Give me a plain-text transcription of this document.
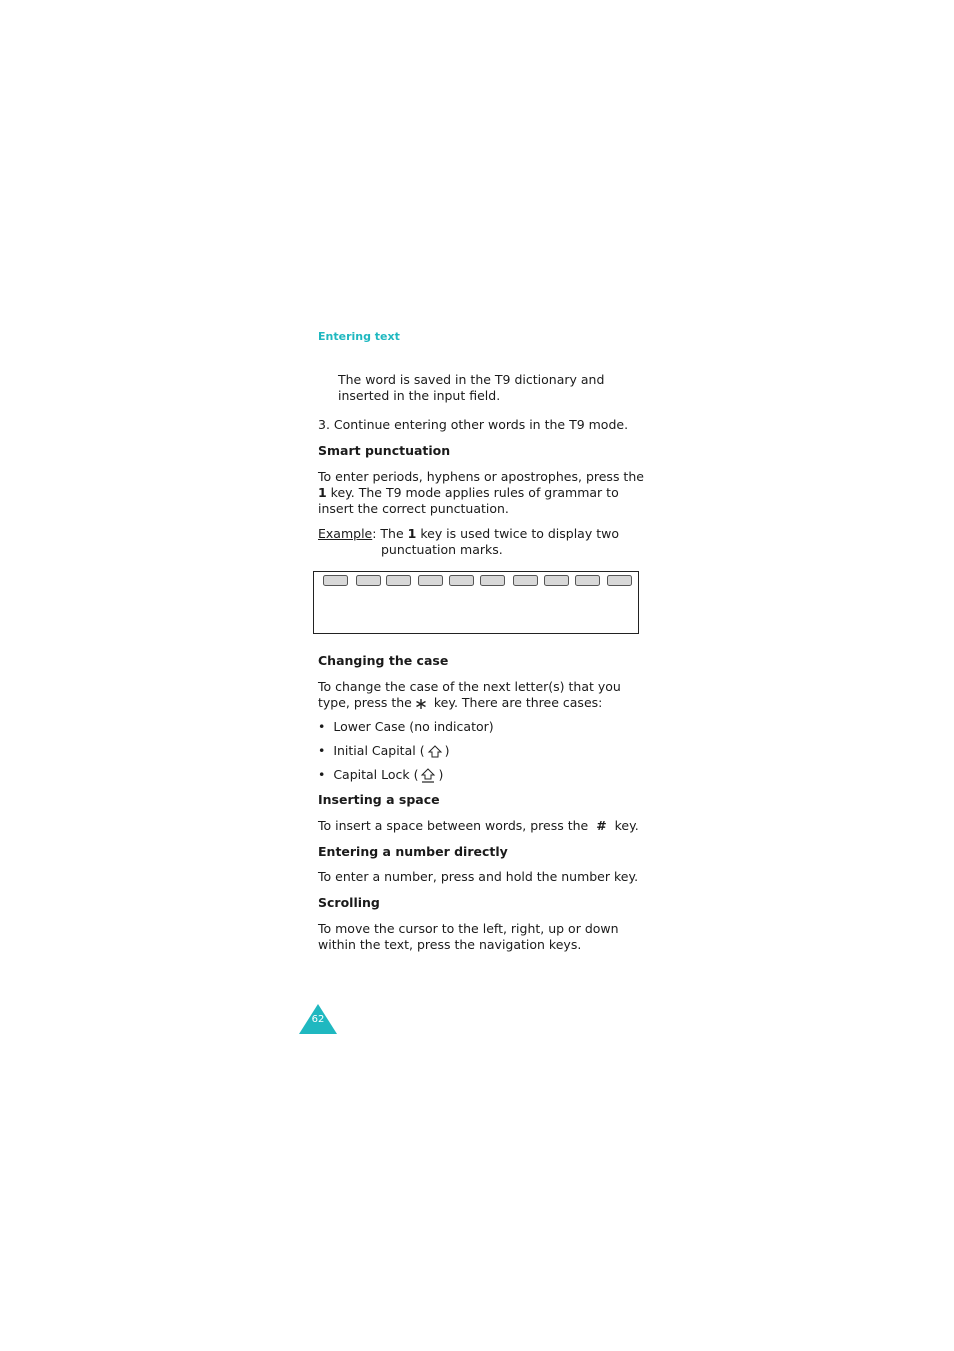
Entering text
The word is saved in the T9 dictionary and
inserted in the input field.
3. Continue entering other words in the T9 mode.
Smart punctuation
To enter periods, hyphens or apostrophes, press the
1 key. The T9 mode applies rules of grammar to
insert the correct punctuation.
Example: The 1 key is used twice to display two
punctuation marks.
Changing the case
To change the case of the next letter(s) that you
type, press the key. There are three cases:
• Lower Case (no indicator)
• Initial Capital ( )
• Capital Lock ( )
Inserting a space
To insert a space between words, press the # key.
Entering a number directly
To enter a number, press and hold the number key.
Scrolling
To move the cursor to the left, right, up or down
within the text, press the navigation keys.
62
